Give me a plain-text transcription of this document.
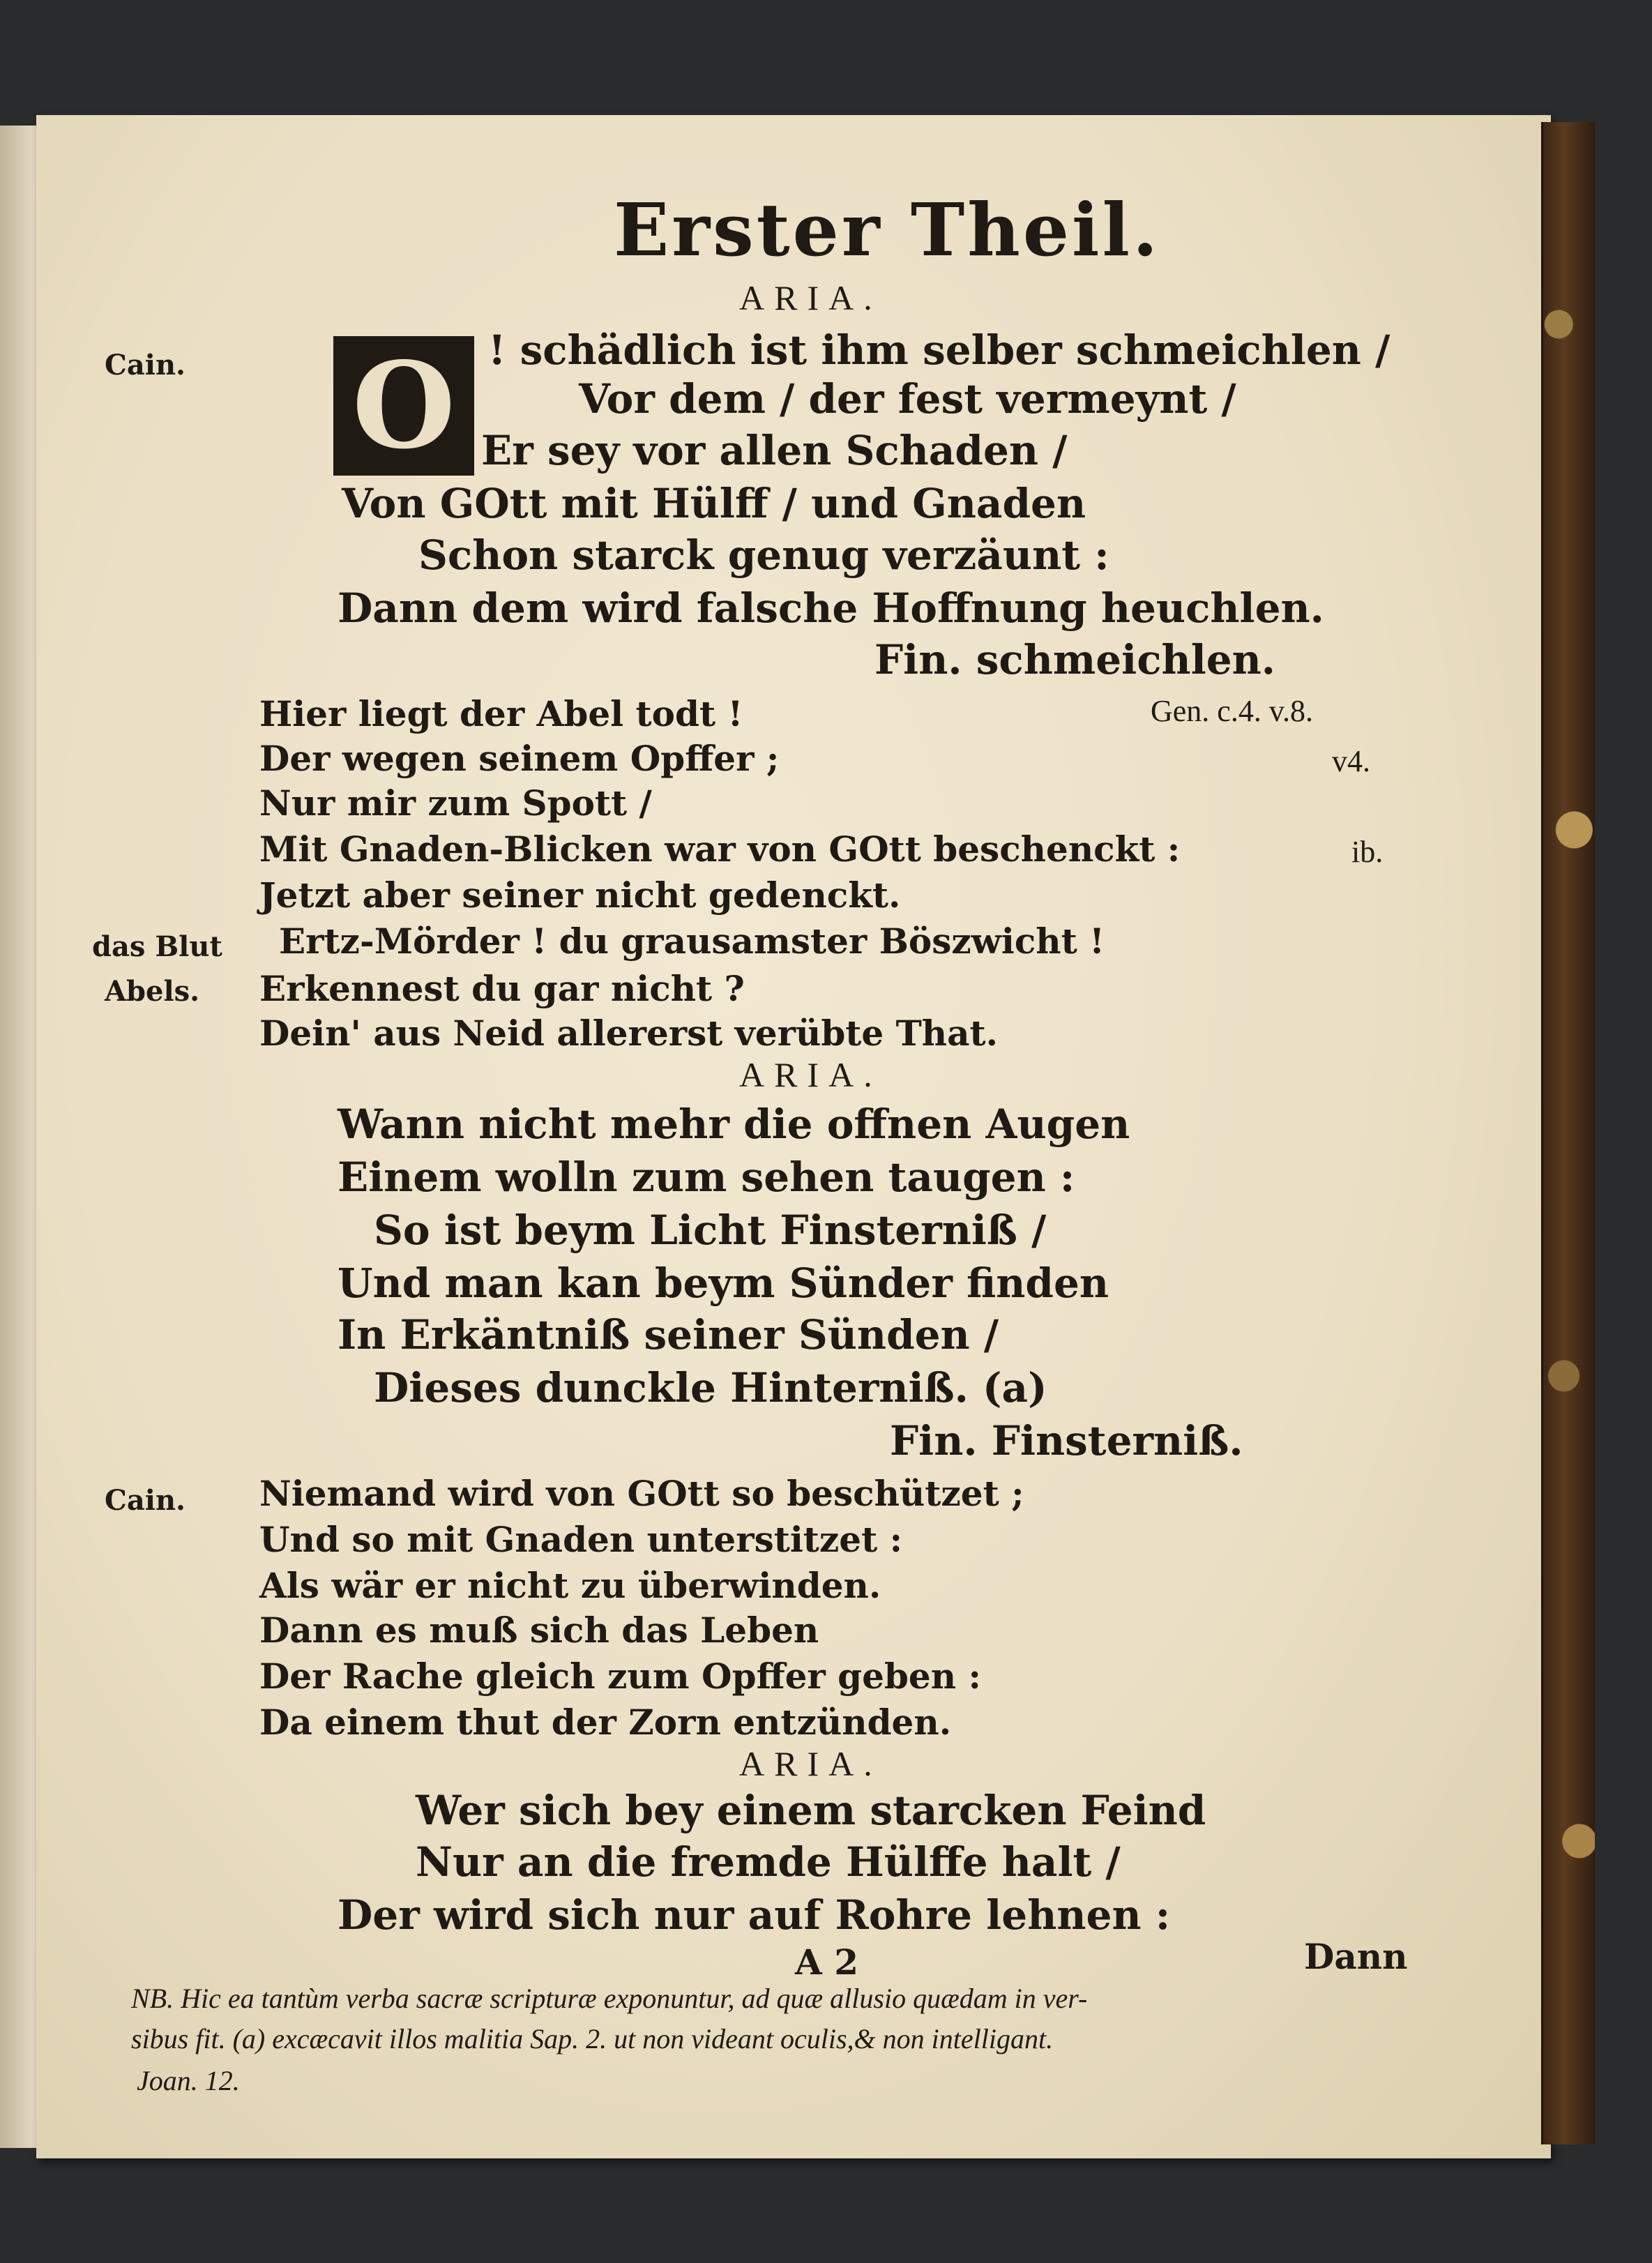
Erster Theil.
ARIA.
Cain. O ! schädlich ist ihm selber schmeichlen /
Vor dem / der fest vermeynt /
Er sey vor allen Schaden /
Von GOtt mit Hülff / und Gnaden
Schon starck genug verzäunt :
Dann dem wird falsche Hoffnung heuchlen.
Fin. schmeichlen.
Hier liegt der Abel todt !	Gen. c.4. v.8.
Der wegen seinem Opffer ;	v4.
Nur mir zum Spott /
Mit Gnaden-Blicken war von GOtt beschenckt :	ib.
Jetzt aber seiner nicht gedenckt.
das Blut Ertz-Mörder ! du grausamster Böszwicht !
Abels. Erkennest du gar nicht ?
Dein' aus Neid allererst verübte That.
ARIA.
Wann nicht mehr die offnen Augen
Einem wolln zum sehen taugen :
So ist beym Licht Finsterniß /
Und man kan beym Sünder finden
In Erkäntniß seiner Sünden /
Dieses dunckle Hinterniß. (a)
Fin. Finsterniß.
Cain. Niemand wird von GOtt so beschützet ;
Und so mit Gnaden unterstitzet :
Als wär er nicht zu überwinden.
Dann es muß sich das Leben
Der Rache gleich zum Opffer geben :
Da einem thut der Zorn entzünden.
ARIA.
Wer sich bey einem starcken Feind
Nur an die fremde Hülffe halt /
Der wird sich nur auf Rohre lehnen :
A 2	Dann
NB. Hic ea tantùm verba sacræ scripturæ exponuntur, ad quæ allusio quædam in ver-
sibus fit. (a) excæcavit illos malitia Sap. 2. ut non videant oculis,& non intelligant.
Joan. 12.
